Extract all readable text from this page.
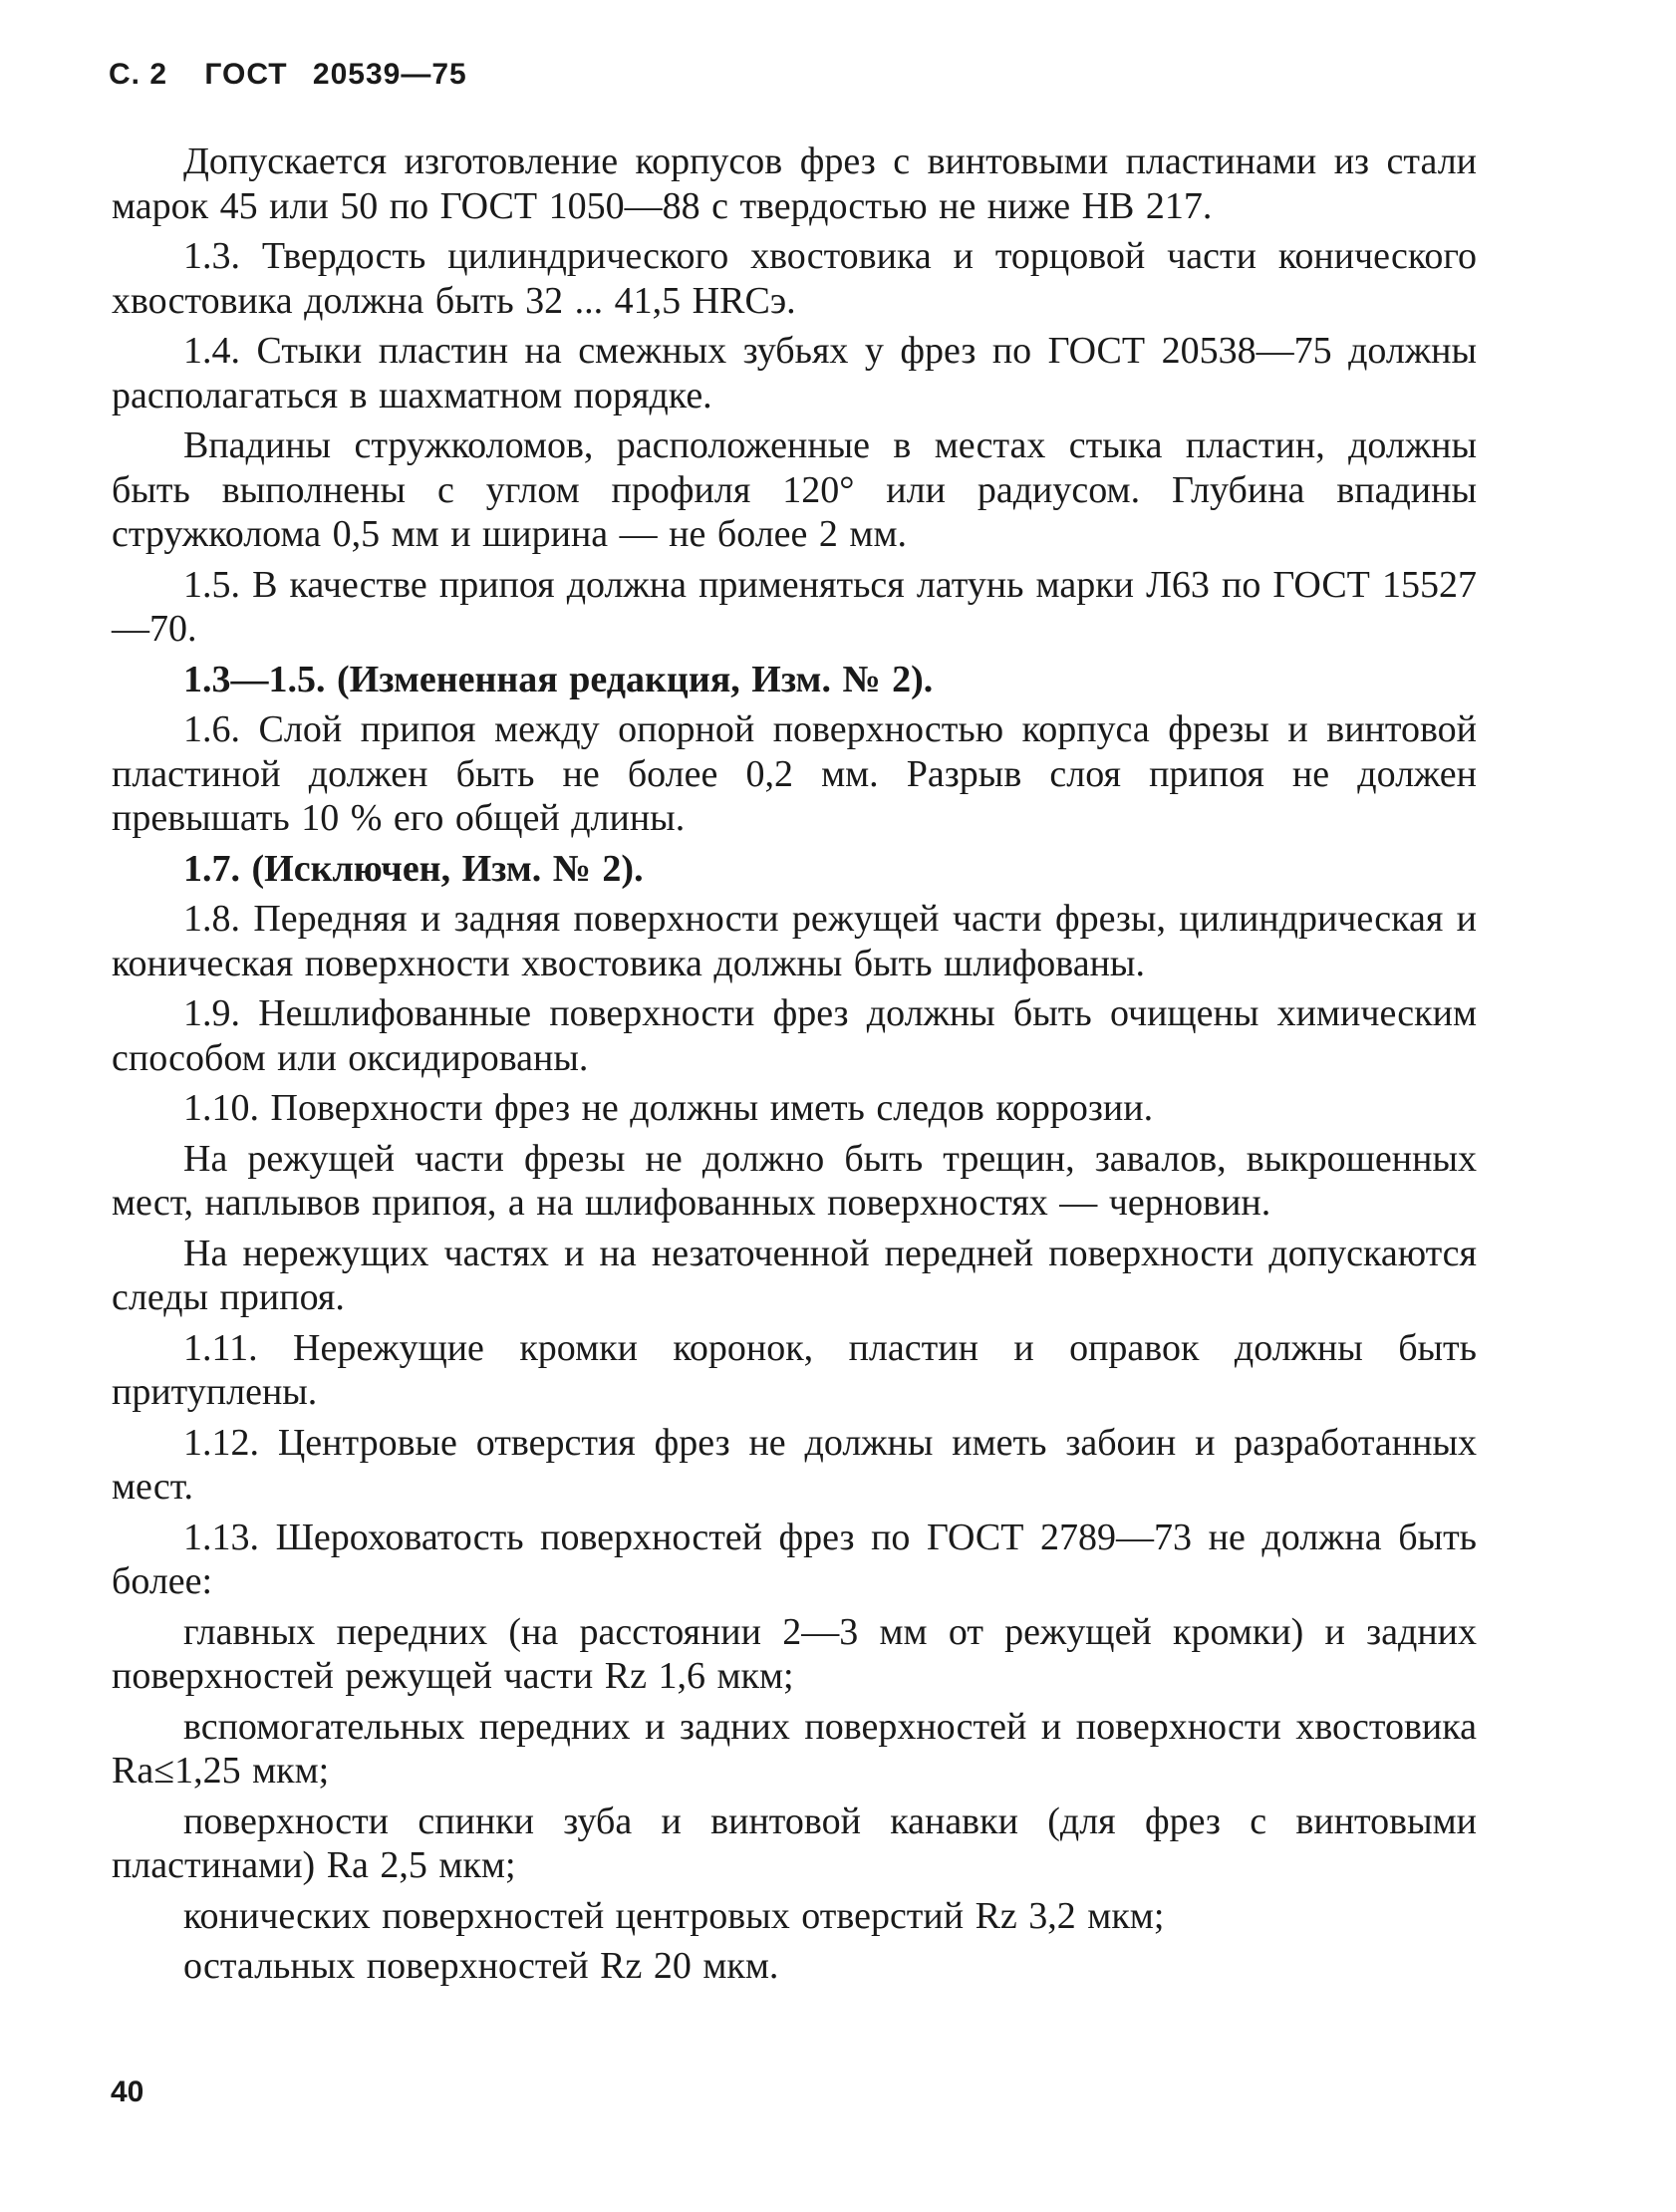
С. 2 ГОСТ 20539—75

Допускается изготовление корпусов фрез с винтовыми пластинами из стали марок 45 или 50 по ГОСТ 1050—88 с твердостью не ниже НВ 217.

1.3. Твердость цилиндрического хвостовика и торцовой части конического хвостовика должна быть 32 ... 41,5 HRCэ.

1.4. Стыки пластин на смежных зубьях у фрез по ГОСТ 20538—75 должны располагаться в шахматном порядке.

Впадины стружколомов, расположенные в местах стыка пластин, должны быть выполнены с углом профиля 120° или радиусом. Глубина впадины стружколома 0,5 мм и ширина — не более 2 мм.

1.5. В качестве припоя должна применяться латунь марки Л63 по ГОСТ 15527—70.

1.3—1.5. (Измененная редакция, Изм. № 2).

1.6. Слой припоя между опорной поверхностью корпуса фрезы и винтовой пластиной должен быть не более 0,2 мм. Разрыв слоя припоя не должен превышать 10 % его общей длины.

1.7. (Исключен, Изм. № 2).

1.8. Передняя и задняя поверхности режущей части фрезы, цилиндрическая и коническая поверхности хвостовика должны быть шлифованы.

1.9. Нешлифованные поверхности фрез должны быть очищены химическим способом или оксидированы.

1.10. Поверхности фрез не должны иметь следов коррозии.

На режущей части фрезы не должно быть трещин, завалов, выкрошенных мест, наплывов припоя, а на шлифованных поверхностях — черновин.

На нережущих частях и на незаточенной передней поверхности допускаются следы припоя.

1.11. Нережущие кромки коронок, пластин и оправок должны быть притуплены.

1.12. Центровые отверстия фрез не должны иметь забоин и разработанных мест.

1.13. Шероховатость поверхностей фрез по ГОСТ 2789—73 не должна быть более:

главных передних (на расстоянии 2—3 мм от режущей кромки) и задних поверхностей режущей части Rz 1,6 мкм;

вспомогательных передних и задних поверхностей и поверхности хвостовика Ra≤1,25 мкм;

поверхности спинки зуба и винтовой канавки (для фрез с винтовыми пластинами) Ra 2,5 мкм;

конических поверхностей центровых отверстий Rz 3,2 мкм;

остальных поверхностей Rz 20 мкм.

40
